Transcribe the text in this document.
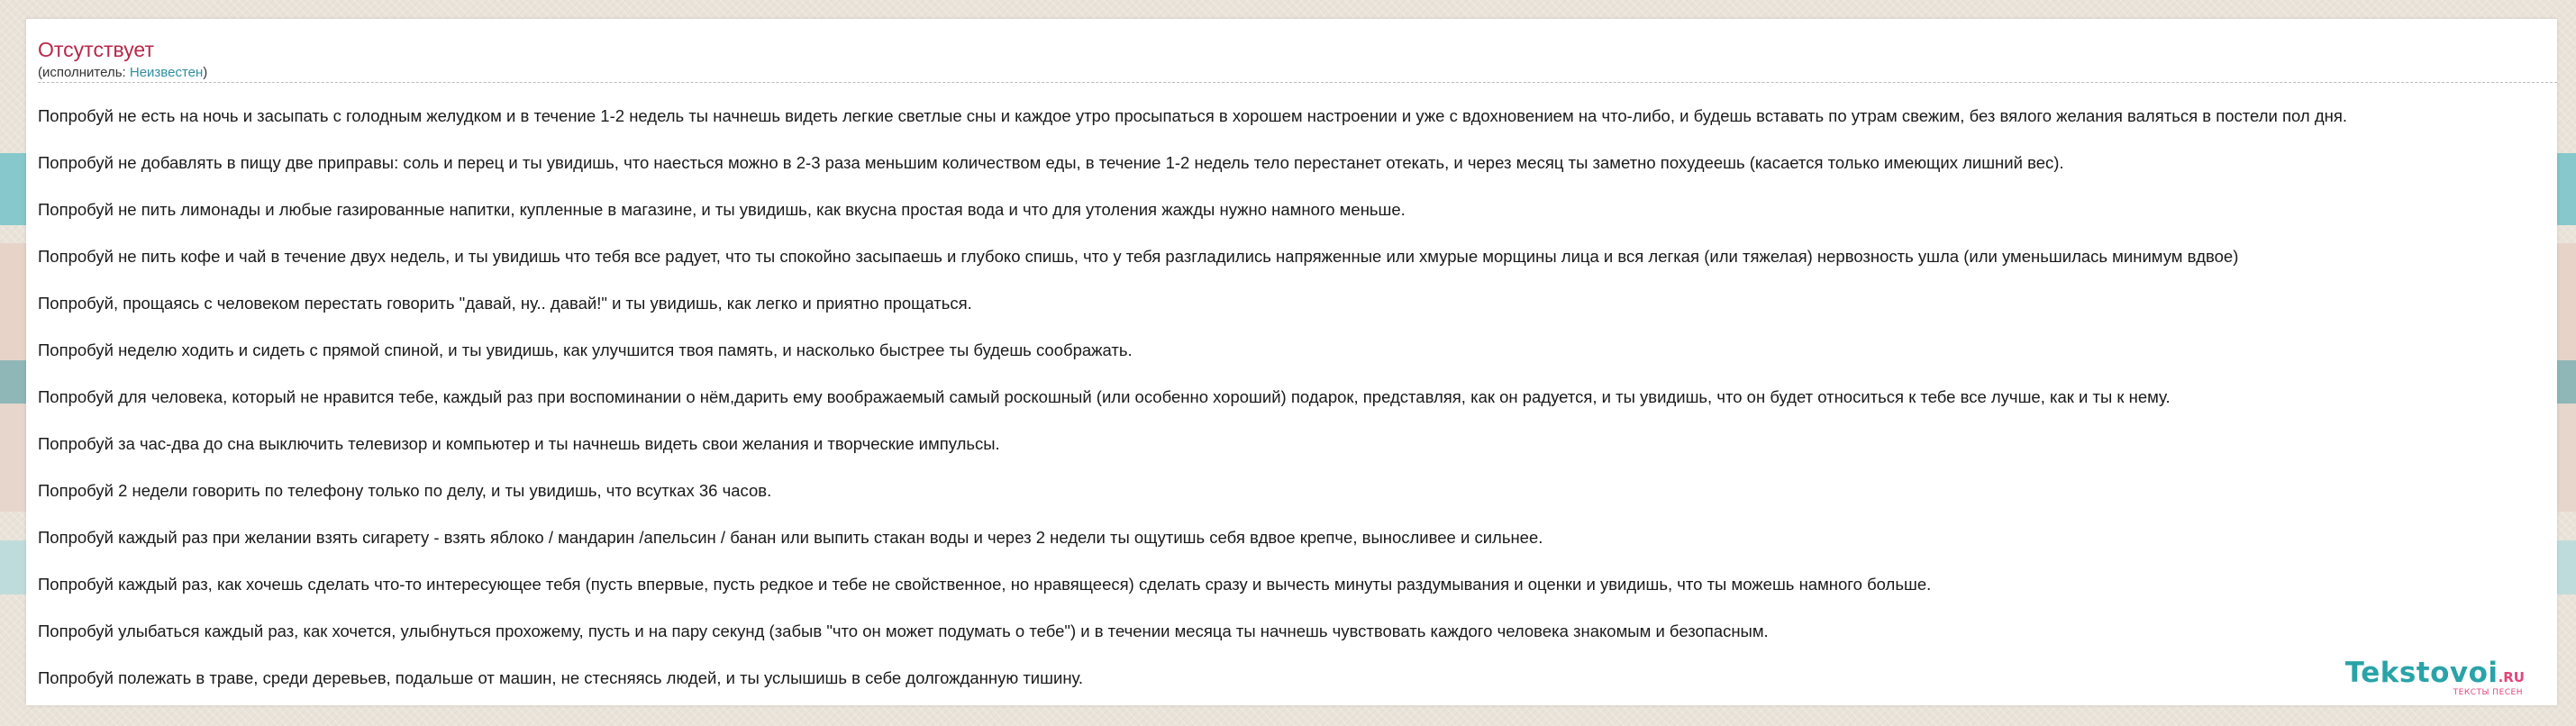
Отсутствует
(исполнитель: Неизвестен)
Попробуй не есть на ночь и засыпать с голодным желудком и в течение 1-2 недель ты начнешь видеть легкие светлые сны и каждое утро просыпаться в хорошем настроении и уже с вдохновением на что-либо, и будешь вставать по утрам свежим, без вялого желания валяться в постели пол дня.
Попробуй не добавлять в пищу две приправы: соль и перец и ты увидишь, что наесться можно в 2-3 раза меньшим количеством еды, в течение 1-2 недель тело перестанет отекать, и через месяц ты заметно похудеешь (касается только имеющих лишний вес).
Попробуй не пить лимонады и любые газированные напитки, купленные в магазине, и ты увидишь, как вкусна простая вода и что для утоления жажды нужно намного меньше.
Попробуй не пить кофе и чай в течение двух недель, и ты увидишь что тебя все радует, что ты спокойно засыпаешь и глубоко спишь, что у тебя разгладились напряженные или хмурые морщины лица и вся легкая (или тяжелая) нервозность ушла (или уменьшилась минимум вдвое)
Попробуй, прощаясь с человеком перестать говорить "давай, ну.. давай!" и ты увидишь, как легко и приятно прощаться.
Попробуй неделю ходить и сидеть с прямой спиной, и ты увидишь, как улучшится твоя память, и насколько быстрее ты будешь соображать.
Попробуй для человека, который не нравится тебе, каждый раз при воспоминании о нём,дарить ему воображаемый самый роскошный (или особенно хороший) подарок, представляя, как он радуется, и ты увидишь, что он будет относиться к тебе все лучше, как и ты к нему.
Попробуй за час-два до сна выключить телевизор и компьютер и ты начнешь видеть свои желания и творческие импульсы.
Попробуй 2 недели говорить по телефону только по делу, и ты увидишь, что всутках 36 часов.
Попробуй каждый раз при желании взять сигарету - взять яблоко / мандарин /апельсин / банан или выпить стакан воды и через 2 недели ты ощутишь себя вдвое крепче, выносливее и сильнее.
Попробуй каждый раз, как хочешь сделать что-то интересующее тебя (пусть впервые, пусть редкое и тебе не свойственное, но нравящееся) сделать сразу и вычесть минуты раздумывания и оценки и увидишь, что ты можешь намного больше.
Попробуй улыбаться каждый раз, как хочется, улыбнуться прохожему, пусть и на пару секунд (забыв "что он может подумать о тебе") и в течении месяца ты начнешь чувствовать каждого человека знакомым и безопасным.
Попробуй полежать в траве, среди деревьев, подальше от машин, не стесняясь людей, и ты услышишь в себе долгожданную тишину.	Tekstovoi.RU
ТЕКСТЫ ПЕСЕН
